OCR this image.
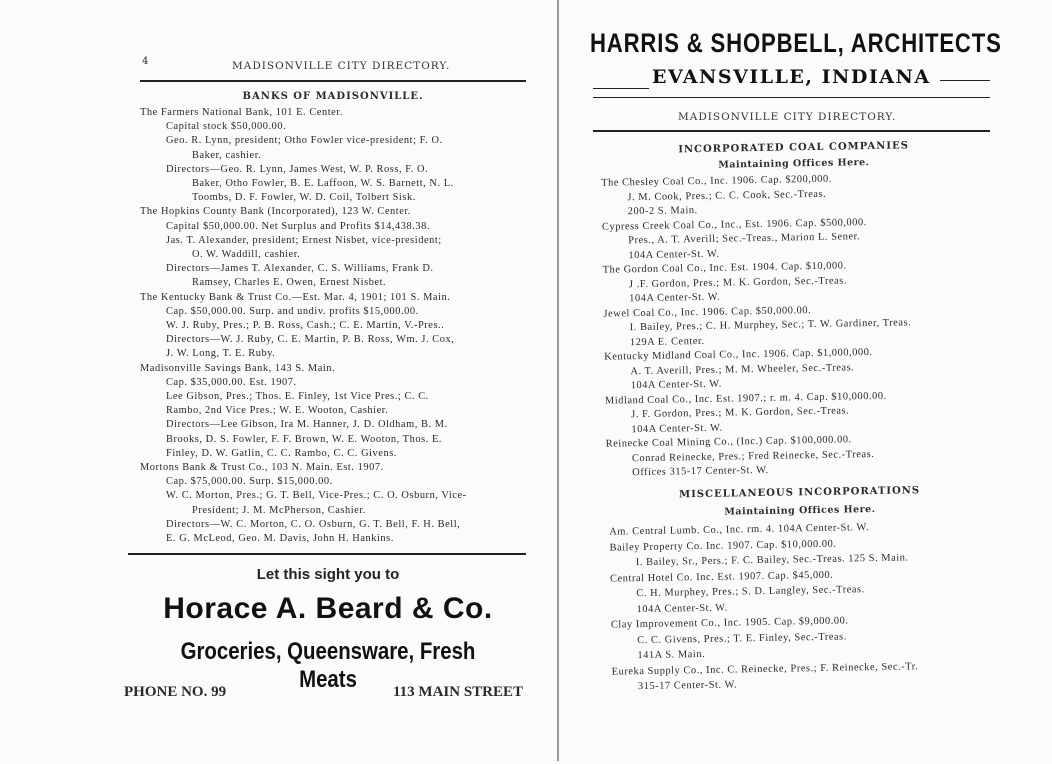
4	MADISONVILLE CITY DIRECTORY.
BANKS OF MADISONVILLE.
The Farmers National Bank, 101 E. Center.
Capital stock $50,000.00.
Geo. R. Lynn, president; Otho Fowler vice-president; F. O.
Baker, cashier.
Directors—Geo. R. Lynn, James West, W. P. Ross, F. O.
Baker, Otho Fowler, B. E. Laffoon, W. S. Barnett, N. L.
Toombs, D. F. Fowler, W. D. Coil, Tolbert Sisk.
The Hopkins County Bank (Incorporated), 123 W. Center.
Capital $50,000.00. Net Surplus and Profits $14,438.38.
Jas. T. Alexander, president; Ernest Nisbet, vice-president;
O. W. Waddill, cashier.
Directors—James T. Alexander, C. S. Williams, Frank D.
Ramsey, Charles E. Owen, Ernest Nisbet.
The Kentucky Bank & Trust Co.—Est. Mar. 4, 1901; 101 S. Main.
Cap. $50,000.00. Surp. and undiv. profits $15,000.00.
W. J. Ruby, Pres.; P. B. Ross, Cash.; C. E. Martin, V.-Pres..
Directors—W. J. Ruby, C. E. Martin, P. B. Ross, Wm. J. Cox,
J. W. Long, T. E. Ruby.
Madisonville Savings Bank, 143 S. Main.
Cap. $35,000.00. Est. 1907.
Lee Gibson, Pres.; Thos. E. Finley, 1st Vice Pres.; C. C.
Rambo, 2nd Vice Pres.; W. E. Wooton, Cashier.
Directors—Lee Gibson, Ira M. Hanner, J. D. Oldham, B. M.
Brooks, D. S. Fowler, F. F. Brown, W. E. Wooton, Thos. E.
Finley, D. W. Gatlin, C. C. Rambo, C. C. Givens.
Mortons Bank & Trust Co., 103 N. Main. Est. 1907.
Cap. $75,000.00. Surp. $15,000.00.
W. C. Morton, Pres.; G. T. Bell, Vice-Pres.; C. O. Osburn, Vice-
President; J. M. McPherson, Cashier.
Directors—W. C. Morton, C. O. Osburn, G. T. Bell, F. H. Bell,
E. G. McLeod, Geo. M. Davis, John H. Hankins.
Let this sight you to
Horace A. Beard & Co.
Groceries, Queensware, Fresh Meats
PHONE NO. 99	113 MAIN STREET
HARRIS & SHOPBELL, ARCHITECTS
EVANSVILLE, INDIANA
MADISONVILLE CITY DIRECTORY.
INCORPORATED COAL COMPANIES
Maintaining Offices Here.
The Chesley Coal Co., Inc. 1906. Cap. $200,000.
J. M. Cook, Pres.; C. C. Cook, Sec.-Treas.
200-2 S. Main.
Cypress Creek Coal Co., Inc., Est. 1906. Cap. $500,000.
Pres., A. T. Averill; Sec.-Treas., Marion L. Sener.
104A Center-St. W.
The Gordon Coal Co., Inc. Est. 1904. Cap. $10,000.
J .F. Gordon, Pres.; M. K. Gordon, Sec.-Treas.
104A Center-St. W.
Jewel Coal Co., Inc. 1906. Cap. $50,000.00.
I. Bailey, Pres.; C. H. Murphey, Sec.; T. W. Gardiner, Treas.
129A E. Center.
Kentucky Midland Coal Co., Inc. 1906. Cap. $1,000,000.
A. T. Averill, Pres.; M. M. Wheeler, Sec.-Treas.
104A Center-St. W.
Midland Coal Co., Inc. Est. 1907.; r. m. 4. Cap. $10,000.00.
J. F. Gordon, Pres.; M. K. Gordon, Sec.-Treas.
104A Center-St. W.
Reinecke Coal Mining Co., (Inc.) Cap. $100,000.00.
Conrad Reinecke, Pres.; Fred Reinecke, Sec.-Treas.
Offices 315-17 Center-St. W.
MISCELLANEOUS INCORPORATIONS
Maintaining Offices Here.
Am. Central Lumb. Co., Inc. rm. 4. 104A Center-St. W.
Bailey Property Co. Inc. 1907. Cap. $10,000.00.
I. Bailey, Sr., Pers.; F. C. Bailey, Sec.-Treas. 125 S. Main.
Central Hotel Co. Inc. Est. 1907. Cap. $45,000.
C. H. Murphey, Pres.; S. D. Langley, Sec.-Treas.
104A Center-St. W.
Clay Improvement Co., Inc. 1905. Cap. $9,000.00.
C. C. Givens, Pres.; T. E. Finley, Sec.-Treas.
141A S. Main.
Eureka Supply Co., Inc. C. Reinecke, Pres.; F. Reinecke, Sec.-Tr.
315-17 Center-St. W.
